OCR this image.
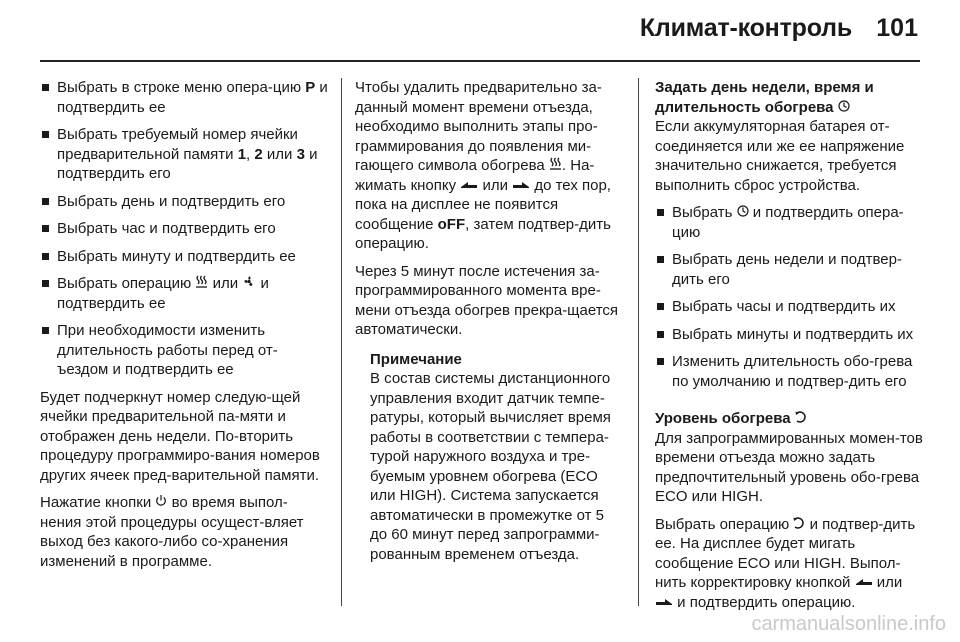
Климат-контроль 101
Выбрать в строке меню опера-цию P и подтвердить ее
Выбрать требуемый номер ячейки предварительной памяти 1, 2 или 3 и подтвердить его
Выбрать день и подтвердить его
Выбрать час и подтвердить его
Выбрать минуту и подтвердить ее
Выбрать операцию  или  и подтвердить ее
При необходимости изменить длительность работы перед от-ъездом и подтвердить ее

Будет подчеркнут номер следую-щей ячейки предварительной па-мяти и отображен день недели. По-вторить процедуру программиро-вания номеров других ячеек пред-варительной памяти.

Нажатие кнопки  во время выпол-нения этой процедуры осущест-вляет выход без какого-либо со-хранения изменений в программе.

Чтобы удалить предварительно за-данный момент времени отъезда, необходимо выполнить этапы про-граммирования до появления ми-гающего символа обогрева . На-жимать кнопку  или  до тех пор, пока на дисплее не появится сообщение oFF, затем подтвер-дить операцию.

Через 5 минут после истечения за-программированного момента вре-мени отъезда обогрев прекра-щается автоматически.

Примечание
В состав системы дистанционного управления входит датчик темпе-ратуры, который вычисляет время работы в соответствии с темпера-турой наружного воздуха и тре-буемым уровнем обогрева (ECO или HIGH). Система запускается автоматически в промежутке от 5 до 60 минут перед запрограмми-рованным временем отъезда.

Задать день недели, время и длительность обогрева

Если аккумуляторная батарея от-соединяется или же ее напряжение значительно снижается, требуется выполнить сброс устройства.

Выбрать  и подтвердить опера-цию
Выбрать день недели и подтвер-дить его
Выбрать часы и подтвердить их
Выбрать минуты и подтвердить их
Изменить длительность обо-грева по умолчанию и подтвер-дить его

Уровень обогрева

Для запрограммированных момен-тов времени отъезда можно задать предпочтительный уровень обо-грева ECO или HIGH.

Выбрать операцию  и подтвер-дить ее. На дисплее будет мигать сообщение ECO или HIGH. Выпол-нить корректировку кнопкой  или  и подтвердить операцию.

carmanualsonline.info
